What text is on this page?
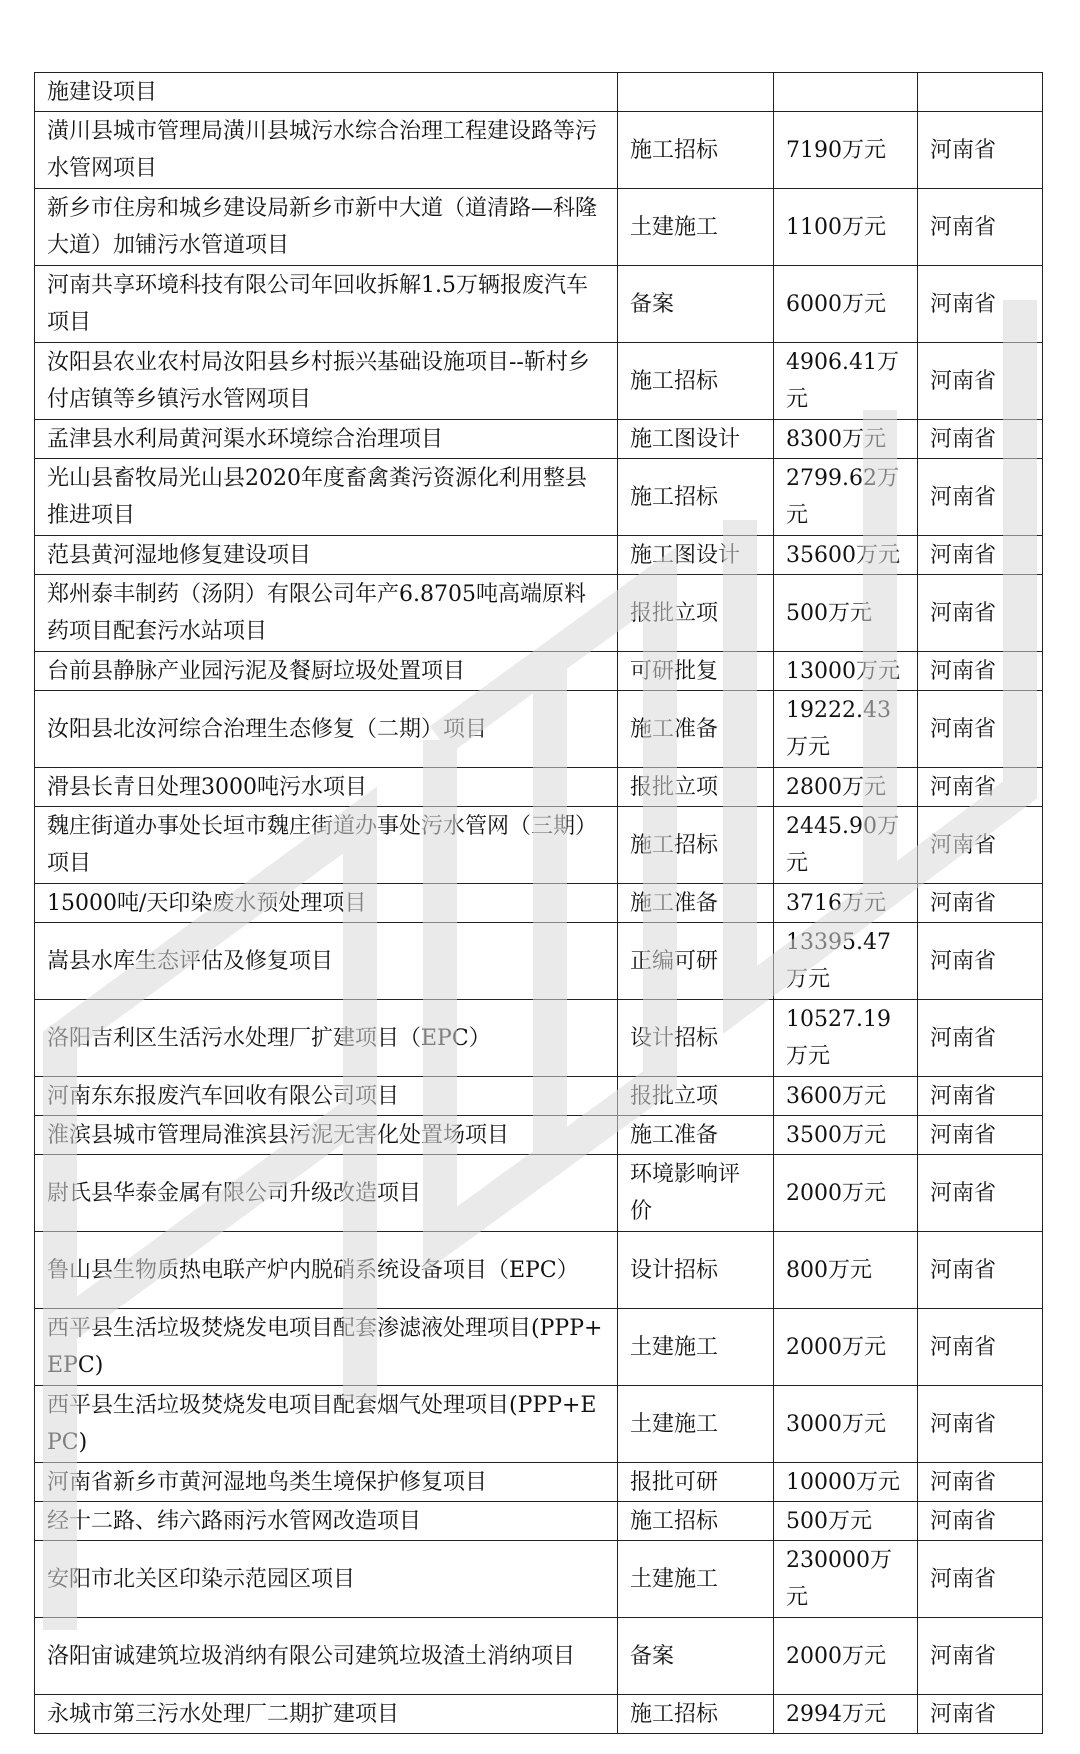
施建设项目			
潢川县城市管理局潢川县城污水综合治理工程建设路等污水管网项目	施工招标	7190万元	河南省
新乡市住房和城乡建设局新乡市新中大道（道清路—科隆大道）加铺污水管道项目	土建施工	1100万元	河南省
河南共享环境科技有限公司年回收拆解1.5万辆报废汽车项目	备案	6000万元	河南省
汝阳县农业农村局汝阳县乡村振兴基础设施项目--靳村乡付店镇等乡镇污水管网项目	施工招标	4906.41万元	河南省
孟津县水利局黄河渠水环境综合治理项目	施工图设计	8300万元	河南省
光山县畜牧局光山县2020年度畜禽粪污资源化利用整县推进项目	施工招标	2799.62万元	河南省
范县黄河湿地修复建设项目	施工图设计	35600万元	河南省
郑州泰丰制药（汤阴）有限公司年产6.8705吨高端原料药项目配套污水站项目	报批立项	500万元	河南省
台前县静脉产业园污泥及餐厨垃圾处置项目	可研批复	13000万元	河南省
汝阳县北汝河综合治理生态修复（二期）项目	施工准备	19222.43万元	河南省
滑县长青日处理3000吨污水项目	报批立项	2800万元	河南省
魏庄街道办事处长垣市魏庄街道办事处污水管网（三期）项目	施工招标	2445.90万元	河南省
15000吨/天印染废水预处理项目	施工准备	3716万元	河南省
嵩县水库生态评估及修复项目	正编可研	13395.47万元	河南省
洛阳吉利区生活污水处理厂扩建项目（EPC）	设计招标	10527.19万元	河南省
河南东东报废汽车回收有限公司项目	报批立项	3600万元	河南省
淮滨县城市管理局淮滨县污泥无害化处置场项目	施工准备	3500万元	河南省
尉氏县华泰金属有限公司升级改造项目	环境影响评价	2000万元	河南省
鲁山县生物质热电联产炉内脱硝系统设备项目（EPC）	设计招标	800万元	河南省
西平县生活垃圾焚烧发电项目配套渗滤液处理项目(PPP+EPC)	土建施工	2000万元	河南省
西平县生活垃圾焚烧发电项目配套烟气处理项目(PPP+EPC)	土建施工	3000万元	河南省
河南省新乡市黄河湿地鸟类生境保护修复项目	报批可研	10000万元	河南省
经十二路、纬六路雨污水管网改造项目	施工招标	500万元	河南省
安阳市北关区印染示范园区项目	土建施工	230000万元	河南省
洛阳宙诚建筑垃圾消纳有限公司建筑垃圾渣土消纳项目	备案	2000万元	河南省
永城市第三污水处理厂二期扩建项目	施工招标	2994万元	河南省
